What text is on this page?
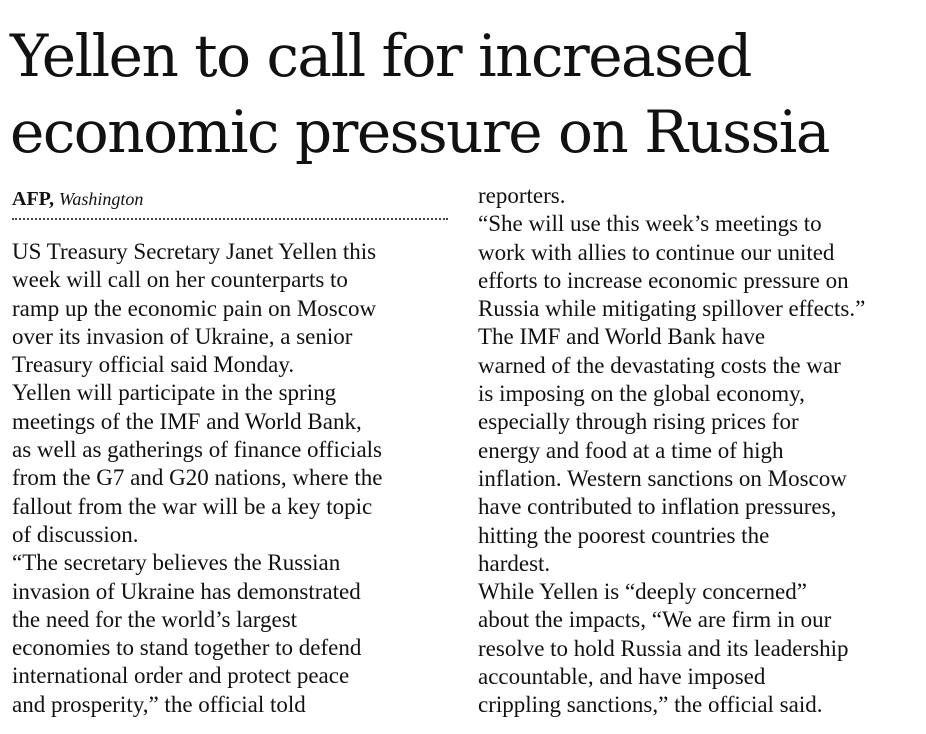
Yellen to call for increased
economic pressure on Russia
AFP, Washington
US Treasury Secretary Janet Yellen this
week will call on her counterparts to
ramp up the economic pain on Moscow
over its invasion of Ukraine, a senior
Treasury official said Monday.
Yellen will participate in the spring
meetings of the IMF and World Bank,
as well as gatherings of finance officials
from the G7 and G20 nations, where the
fallout from the war will be a key topic
of discussion.
“The secretary believes the Russian
invasion of Ukraine has demonstrated
the need for the world’s largest
economies to stand together to defend
international order and protect peace
and prosperity,” the official told
reporters.
“She will use this week’s meetings to
work with allies to continue our united
efforts to increase economic pressure on
Russia while mitigating spillover effects.”
The IMF and World Bank have
warned of the devastating costs the war
is imposing on the global economy,
especially through rising prices for
energy and food at a time of high
inflation. Western sanctions on Moscow
have contributed to inflation pressures,
hitting the poorest countries the
hardest.
While Yellen is “deeply concerned”
about the impacts, “We are firm in our
resolve to hold Russia and its leadership
accountable, and have imposed
crippling sanctions,” the official said.
